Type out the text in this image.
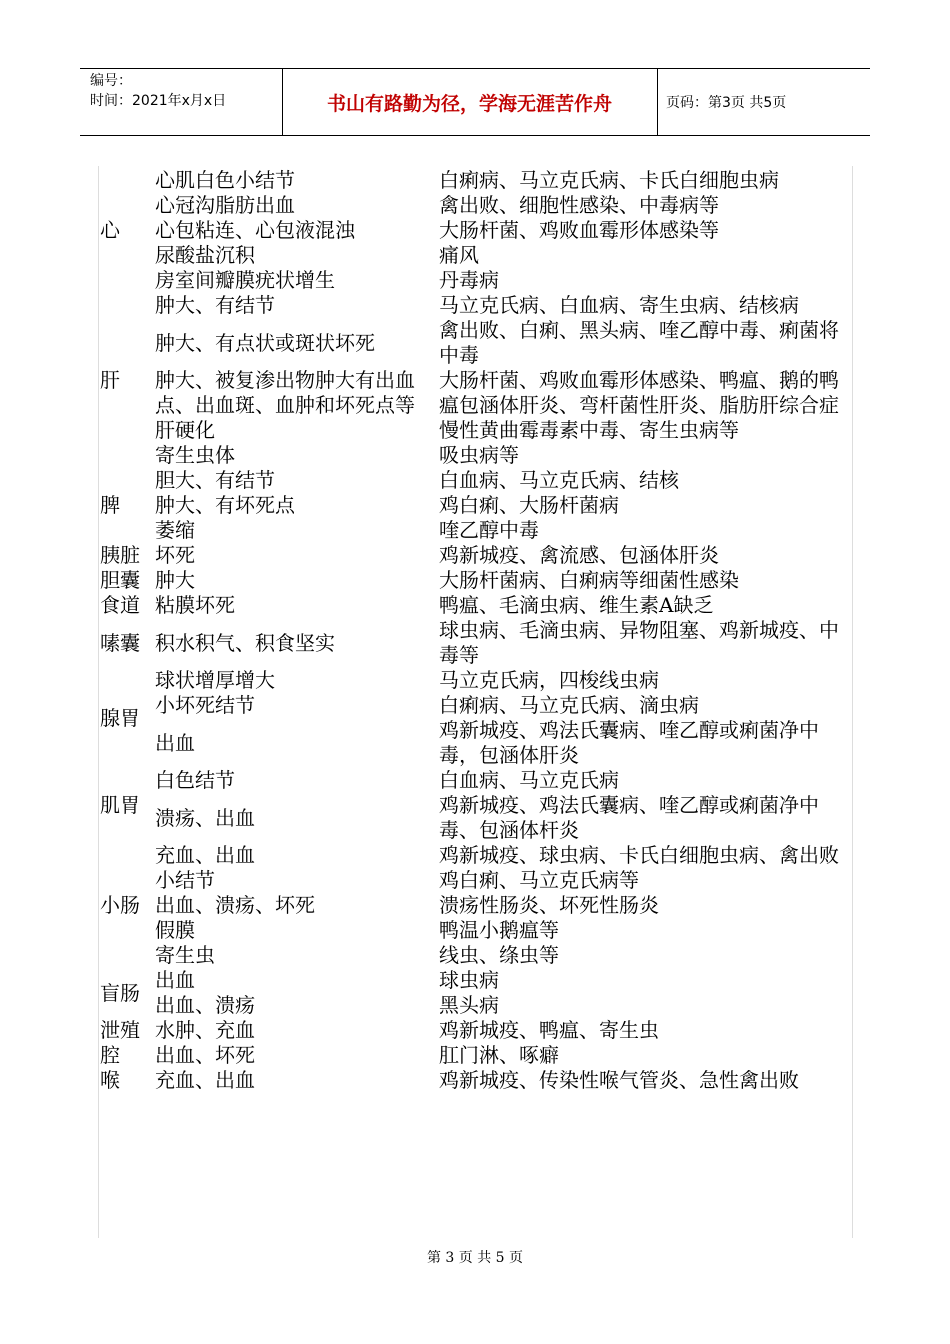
编号：
时间：2021年x月x日	书山有路勤为径，学海无涯苦作舟	页码：第3页 共5页
心	心肌白色小结节	白痢病、马立克氏病、卡氏白细胞虫病
	心冠沟脂肪出血	禽出败、细胞性感染、中毒病等
	心包粘连、心包液混浊	大肠杆菌、鸡败血霉形体感染等
	尿酸盐沉积	痛风
	房室间瓣膜疣状增生	丹毒病
肝	肿大、有结节	马立克氏病、白血病、寄生虫病、结核病
	肿大、有点状或斑状坏死	禽出败、白痢、黑头病、喹乙醇中毒、痢菌将中毒
	肿大、被复渗出物肿大有出血点、出血斑、血肿和坏死点等	大肠杆菌、鸡败血霉形体感染、鸭瘟、鹅的鸭瘟包涵体肝炎、弯杆菌性肝炎、脂肪肝综合症
	肝硬化	慢性黄曲霉毒素中毒、寄生虫病等
	寄生虫体	吸虫病等
脾	胆大、有结节	白血病、马立克氏病、结核
	肿大、有坏死点	鸡白痢、大肠杆菌病
	萎缩	喹乙醇中毒
胰脏	坏死	鸡新城疫、禽流感、包涵体肝炎
胆囊	肿大	大肠杆菌病、白痢病等细菌性感染
食道	粘膜坏死	鸭瘟、毛滴虫病、维生素A缺乏
嗉囊	积水积气、积食坚实	球虫病、毛滴虫病、异物阻塞、鸡新城疫、中毒等
腺胃	球状增厚增大	马立克氏病，四梭线虫病
	小坏死结节	白痢病、马立克氏病、滴虫病
	出血	鸡新城疫、鸡法氏囊病、喹乙醇或痢菌净中毒，包涵体肝炎
肌胃	白色结节	白血病、马立克氏病
	溃疡、出血	鸡新城疫、鸡法氏囊病、喹乙醇或痢菌净中毒、包涵体杆炎
小肠	充血、出血	鸡新城疫、球虫病、卡氏白细胞虫病、禽出败
	小结节	鸡白痢、马立克氏病等
	出血、溃疡、坏死	溃疡性肠炎、坏死性肠炎
	假膜	鸭温小鹅瘟等
	寄生虫	线虫、绦虫等
盲肠	出血	球虫病
	出血、溃疡	黑头病
泄殖腔	水肿、充血	鸡新城疫、鸭瘟、寄生虫
	出血、坏死	肛门淋、啄癖
喉	充血、出血	鸡新城疫、传染性喉气管炎、急性禽出败
第 3 页 共 5 页
